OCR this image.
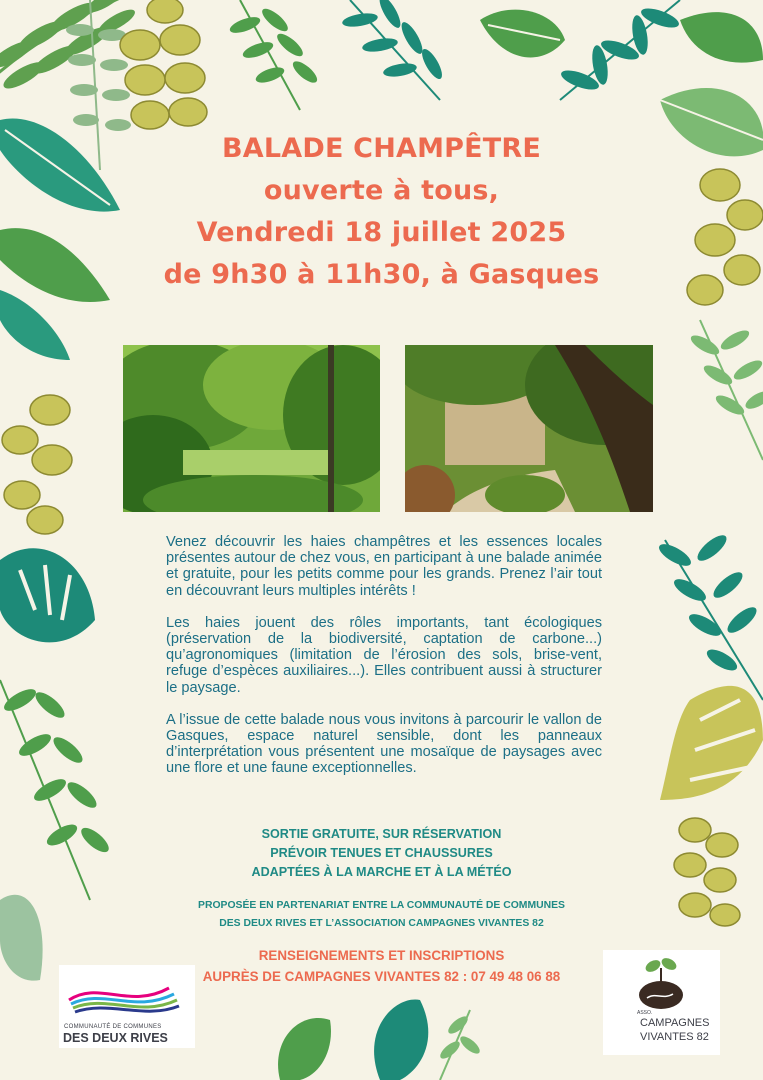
BALADE CHAMPÊTRE
ouverte à tous,
Vendredi 18 juillet 2025
de 9h30 à 11h30, à Gasques

Venez découvrir les haies champêtres et les essences locales présentes autour de chez vous, en participant à une balade animée et gratuite, pour les petits comme pour les grands. Prenez l’air tout en découvrant leurs multiples intérêts !

Les haies jouent des rôles importants, tant écologiques (préservation de la biodiversité, captation de carbone...) qu’agronomiques (limitation de l’érosion des sols, brise-vent, refuge d’espèces auxiliaires...). Elles contribuent aussi à structurer le paysage.

A l’issue de cette balade nous vous invitons à parcourir le vallon de Gasques, espace naturel sensible, dont les panneaux d’interprétation vous présentent une mosaïque de paysages avec une flore et une faune exceptionnelles.

SORTIE GRATUITE, SUR RÉSERVATION
PRÉVOIR TENUES ET CHAUSSURES
ADAPTÉES À LA MARCHE ET À LA MÉTÉO
PROPOSÉE EN PARTENARIAT ENTRE LA COMMUNAUTÉ DE COMMUNES
DES DEUX RIVES ET L’ASSOCIATION CAMPAGNES VIVANTES 82
RENSEIGNEMENTS ET INSCRIPTIONS
AUPRÈS DE CAMPAGNES VIVANTES 82 : 07 49 48 06 88
COMMUNAUTÉ DE COMMUNES
DES DEUX RIVES
ASSO.
CAMPAGNES
VIVANTES 82
